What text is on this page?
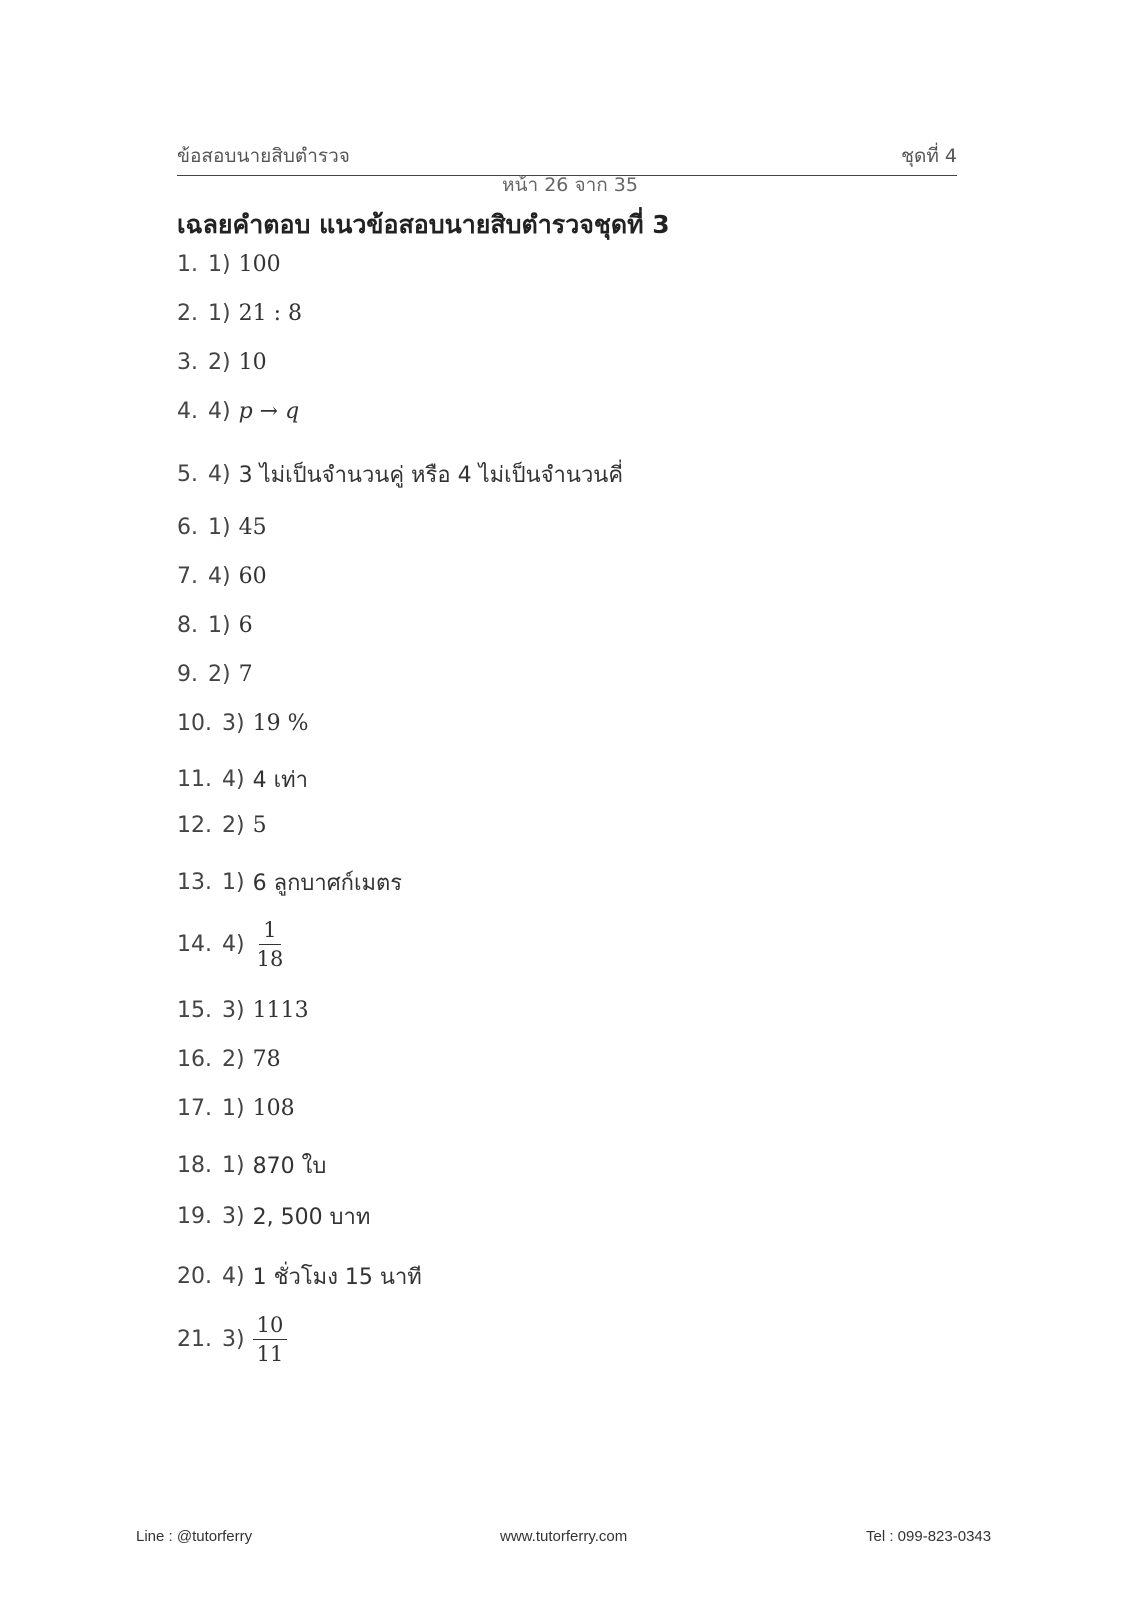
ข้อสอบนายสิบตำรวจ
หน้า 26 จาก 35
ชุดที่ 4
เฉลยคำตอบ แนวข้อสอบนายสิบตำรวจชุดที่ 3
1. 1) 100
2. 1) 21 : 8
3. 2) 10
4. 4) p → q
5. 4) 3 ไม่เป็นจำนวนคู่ หรือ 4 ไม่เป็นจำนวนคี่
6. 1) 45
7. 4) 60
8. 1) 6
9. 2) 7
10. 3) 19 %
11. 4) 4 เท่า
12. 2) 5
13. 1) 6 ลูกบาศก์เมตร
14. $4) \frac{1}{18}$
15. 3) 1113
16. 2) 78
17. 1) 108
18. 1) 870 ใบ
19. 3) 2, 500 บาท
20. 4) 1 ชั่วโมง 15 นาที
21. $3) \frac{10}{11}$
Line : @tutorferry	www.tutorferry.com	Tel : 099-823-0343
